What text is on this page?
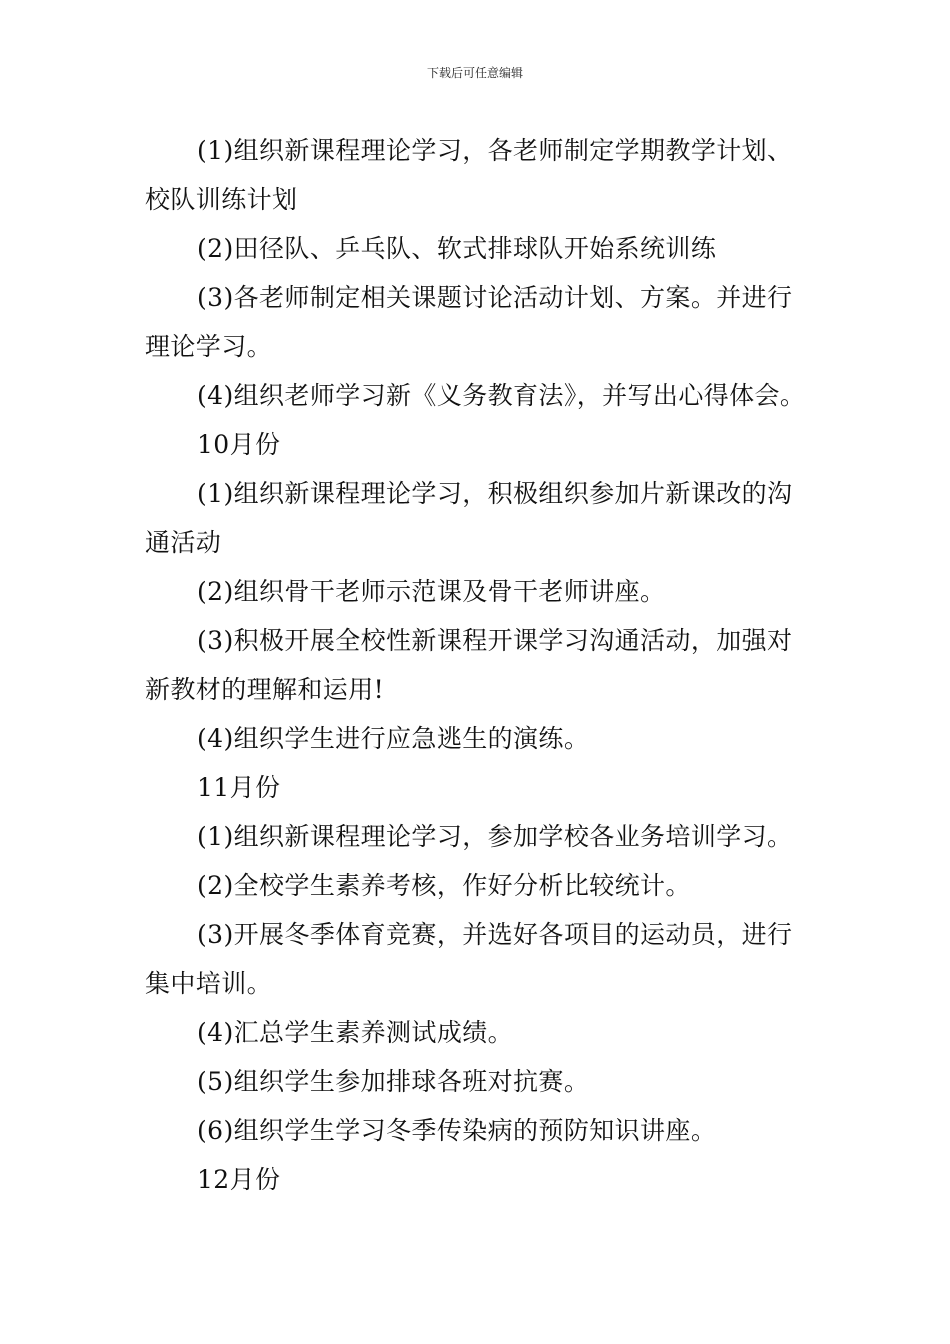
下载后可任意编辑

(1)组织新课程理论学习，各老师制定学期教学计划、校队训练计划

(2)田径队、乒乓队、软式排球队开始系统训练

(3)各老师制定相关课题讨论活动计划、方案。并进行理论学习。

(4)组织老师学习新《义务教育法》，并写出心得体会。

10月份

(1)组织新课程理论学习，积极组织参加片新课改的沟通活动

(2)组织骨干老师示范课及骨干老师讲座。

(3)积极开展全校性新课程开课学习沟通活动，加强对新教材的理解和运用!

(4)组织学生进行应急逃生的演练。

11月份

(1)组织新课程理论学习，参加学校各业务培训学习。

(2)全校学生素养考核，作好分析比较统计。

(3)开展冬季体育竞赛，并选好各项目的运动员，进行集中培训。

(4)汇总学生素养测试成绩。

(5)组织学生参加排球各班对抗赛。

(6)组织学生学习冬季传染病的预防知识讲座。

12月份
